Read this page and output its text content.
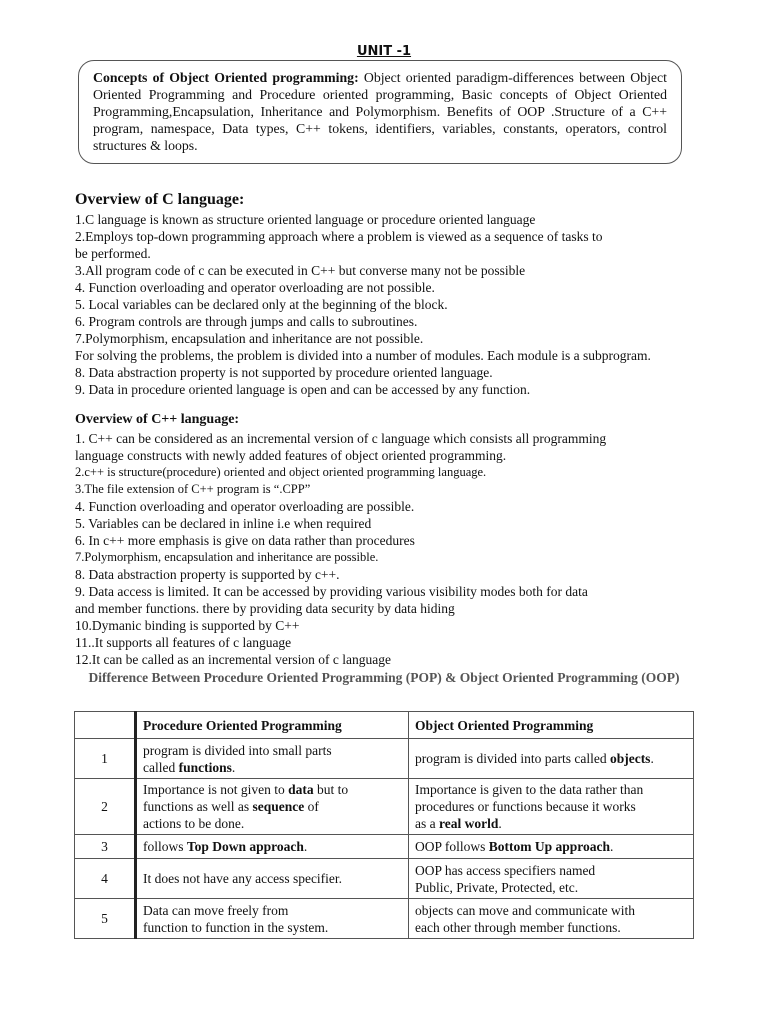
UNIT -1
Concepts of Object Oriented programming: Object oriented paradigm-differences between Object Oriented Programming and Procedure oriented programming, Basic concepts of Object Oriented Programming,Encapsulation, Inheritance and Polymorphism. Benefits of OOP .Structure of a C++ program, namespace, Data types, C++ tokens, identifiers, variables, constants, operators, control structures & loops.
Overview of C language:
1.C language is known as structure oriented language or procedure oriented language
2.Employs top-down programming approach where a problem is viewed as a sequence of tasks to
be performed.
3.All program code of c can be executed in C++ but converse many not be possible
4. Function overloading and operator overloading are not possible.
5. Local variables can be declared only at the beginning of the block.
6. Program controls are through jumps and calls to subroutines.
7.Polymorphism, encapsulation and inheritance are not possible.
For solving the problems, the problem is divided into a number of modules. Each module is a subprogram.
8. Data abstraction property is not supported by procedure oriented language.
9. Data in procedure oriented language is open and can be accessed by any function.
Overview of C++ language:
1. C++ can be considered as an incremental version of c language which consists all programming
language constructs with newly added features of object oriented programming.
2.c++ is structure(procedure) oriented and object oriented programming language.
3.The file extension of C++ program is “.CPP”
4. Function overloading and operator overloading are possible.
5. Variables can be declared in inline i.e when required
6. In c++ more emphasis is give on data rather than procedures
7.Polymorphism, encapsulation and inheritance are possible.
8. Data abstraction property is supported by c++.
9. Data access is limited. It can be accessed by providing various visibility modes both for data
and member functions. there by providing data security by data hiding
10.Dymanic binding is supported by C++
11..It supports all features of c language
12.It can be called as an incremental version of c language
Difference Between Procedure Oriented Programming (POP) & Object Oriented Programming (OOP)
	Procedure Oriented Programming	Object Oriented Programming
1	program is divided into small parts
called functions.	program is divided into parts called objects.
2	Importance is not given to data but to
functions as well as sequence of
actions to be done.	Importance is given to the data rather than
procedures or functions because it works
as a real world.
3	follows Top Down approach.	OOP follows Bottom Up approach.
4	It does not have any access specifier.	OOP has access specifiers named
Public, Private, Protected, etc.
5	Data can move freely from
function to function in the system.	objects can move and communicate with
each other through member functions.
